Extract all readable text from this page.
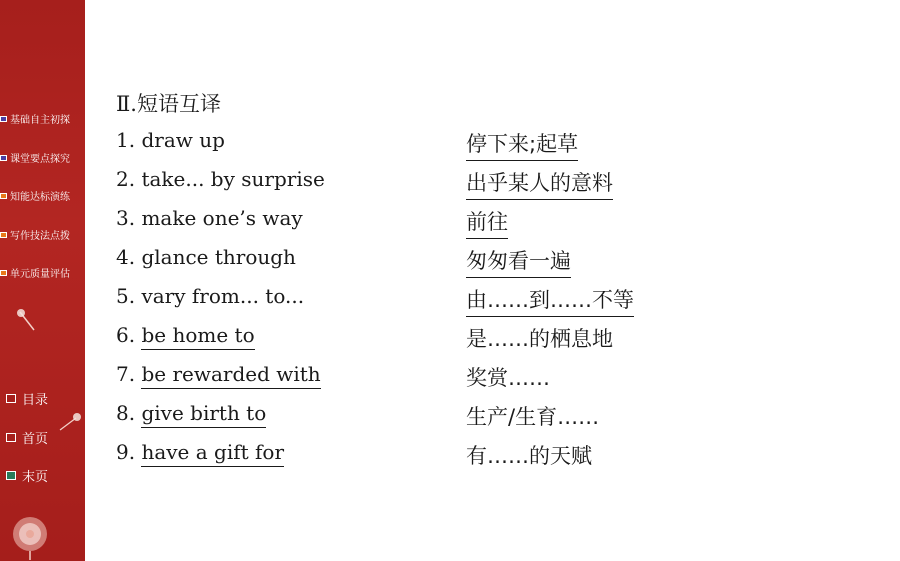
基础自主初探
课堂要点探究
知能达标演练
写作技法点拨
单元质量评估
目录
首页
末页
Ⅱ.短语互译
1. draw up	停下来;起草
2. take... by surprise	出乎某人的意料
3. make one’s way	前往
4. glance through	匆匆看一遍
5. vary from... to...	由……到……不等
6. be home to	是……的栖息地
7. be rewarded with	奖赏……
8. give birth to	生产/生育……
9. have a gift for	有……的天赋
